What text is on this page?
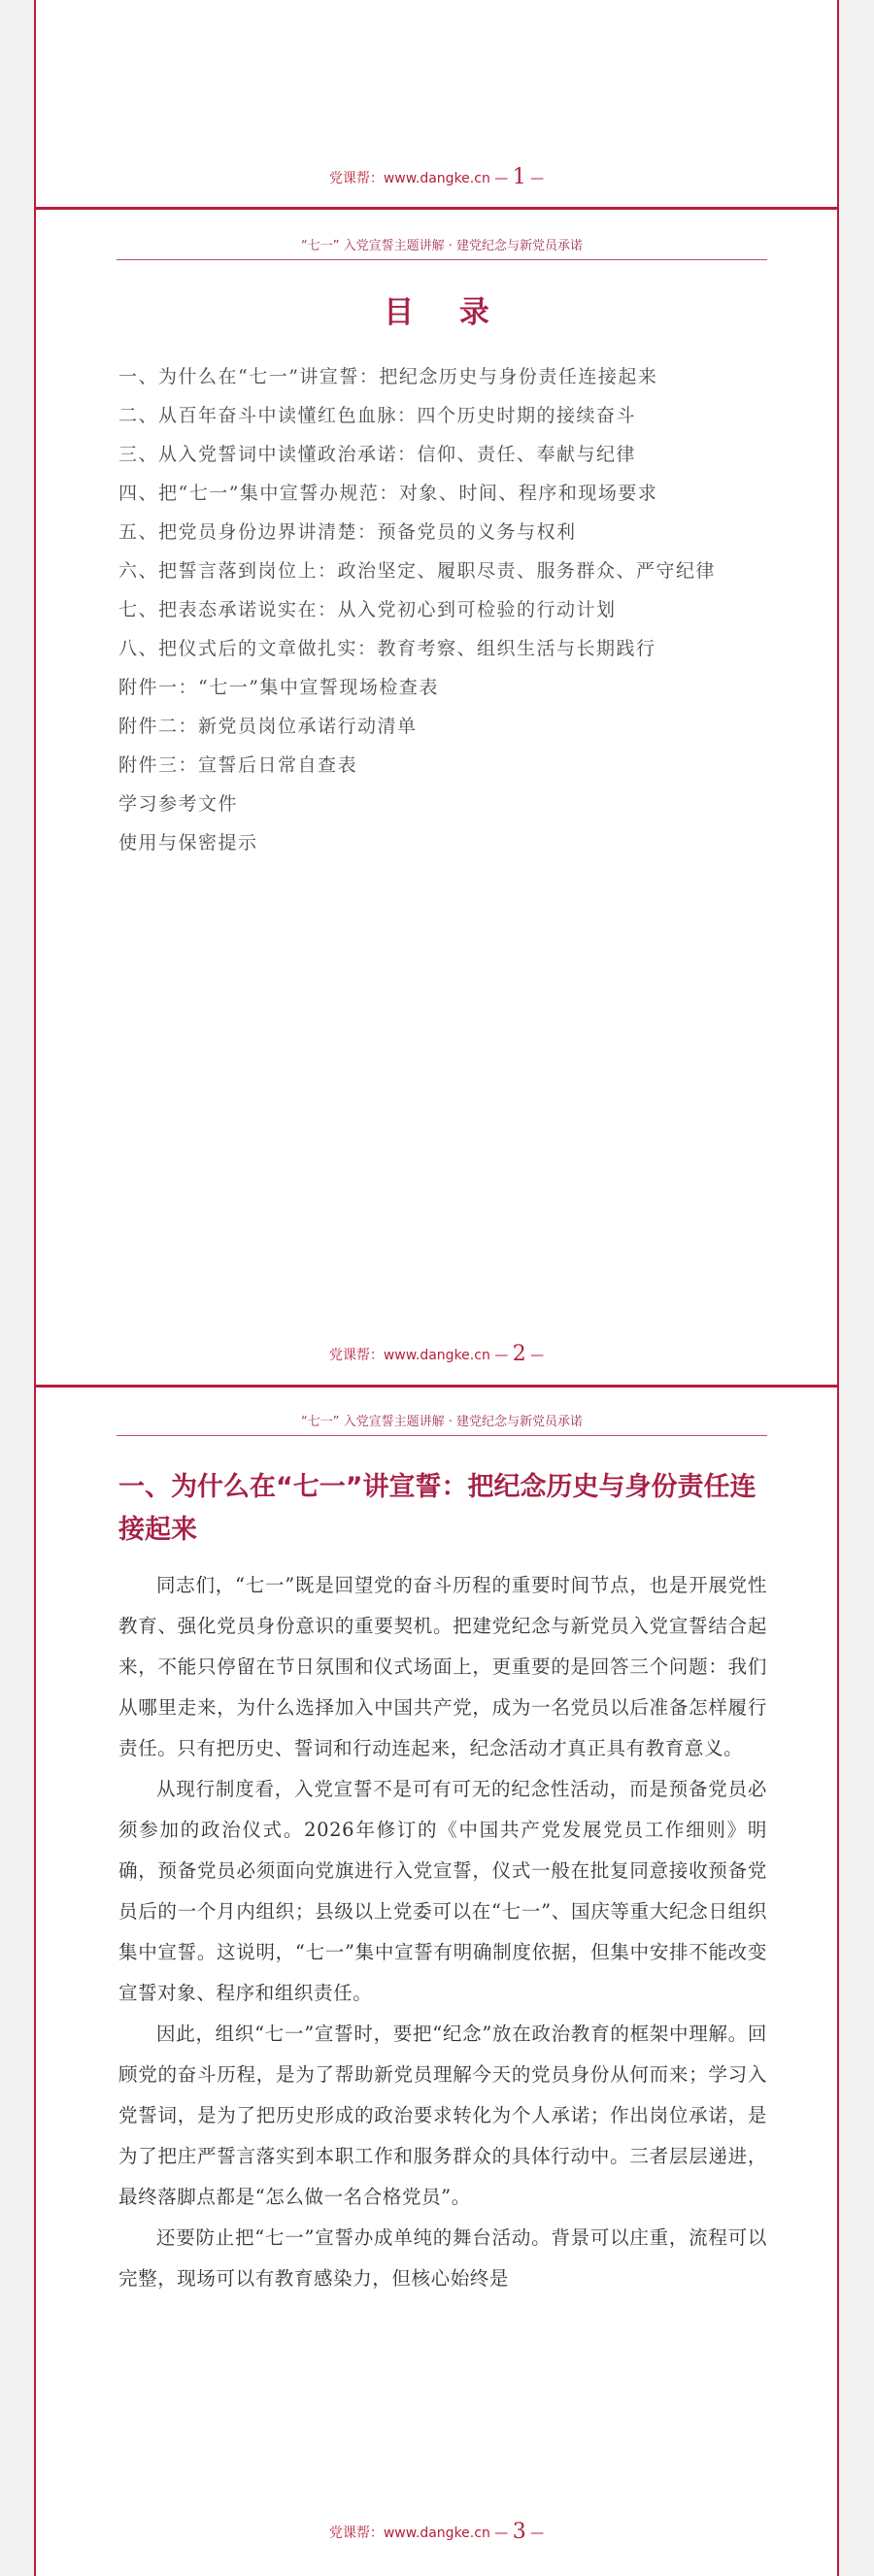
党课帮：www.dangke.cn — 1 —
“七一” 入党宣誓主题讲解 · 建党纪念与新党员承诺
目 录
一、为什么在“七一”讲宣誓：把纪念历史与身份责任连接起来
二、从百年奋斗中读懂红色血脉：四个历史时期的接续奋斗
三、从入党誓词中读懂政治承诺：信仰、责任、奉献与纪律
四、把“七一”集中宣誓办规范：对象、时间、程序和现场要求
五、把党员身份边界讲清楚：预备党员的义务与权利
六、把誓言落到岗位上：政治坚定、履职尽责、服务群众、严守纪律
七、把表态承诺说实在：从入党初心到可检验的行动计划
八、把仪式后的文章做扎实：教育考察、组织生活与长期践行
附件一：“七一”集中宣誓现场检查表
附件二：新党员岗位承诺行动清单
附件三：宣誓后日常自查表
学习参考文件
使用与保密提示
党课帮：www.dangke.cn — 2 —
“七一” 入党宣誓主题讲解 · 建党纪念与新党员承诺
一、为什么在“七一”讲宣誓：把纪念历史与身份责任连接起来

同志们，“七一”既是回望党的奋斗历程的重要时间节点，也是开展党性教育、强化党员身份意识的重要契机。把建党纪念与新党员入党宣誓结合起来，不能只停留在节日氛围和仪式场面上，更重要的是回答三个问题：我们从哪里走来，为什么选择加入中国共产党，成为一名党员以后准备怎样履行责任。只有把历史、誓词和行动连起来，纪念活动才真正具有教育意义。

从现行制度看，入党宣誓不是可有可无的纪念性活动，而是预备党员必须参加的政治仪式。2026年修订的《中国共产党发展党员工作细则》明确，预备党员必须面向党旗进行入党宣誓，仪式一般在批复同意接收预备党员后的一个月内组织；县级以上党委可以在“七一”、国庆等重大纪念日组织集中宣誓。这说明，“七一”集中宣誓有明确制度依据，但集中安排不能改变宣誓对象、程序和组织责任。

因此，组织“七一”宣誓时，要把“纪念”放在政治教育的框架中理解。回顾党的奋斗历程，是为了帮助新党员理解今天的党员身份从何而来；学习入党誓词，是为了把历史形成的政治要求转化为个人承诺；作出岗位承诺，是为了把庄严誓言落实到本职工作和服务群众的具体行动中。三者层层递进，最终落脚点都是“怎么做一名合格党员”。

还要防止把“七一”宣誓办成单纯的舞台活动。背景可以庄重，流程可以完整，现场可以有教育感染力，但核心始终是

党课帮：www.dangke.cn — 3 —
